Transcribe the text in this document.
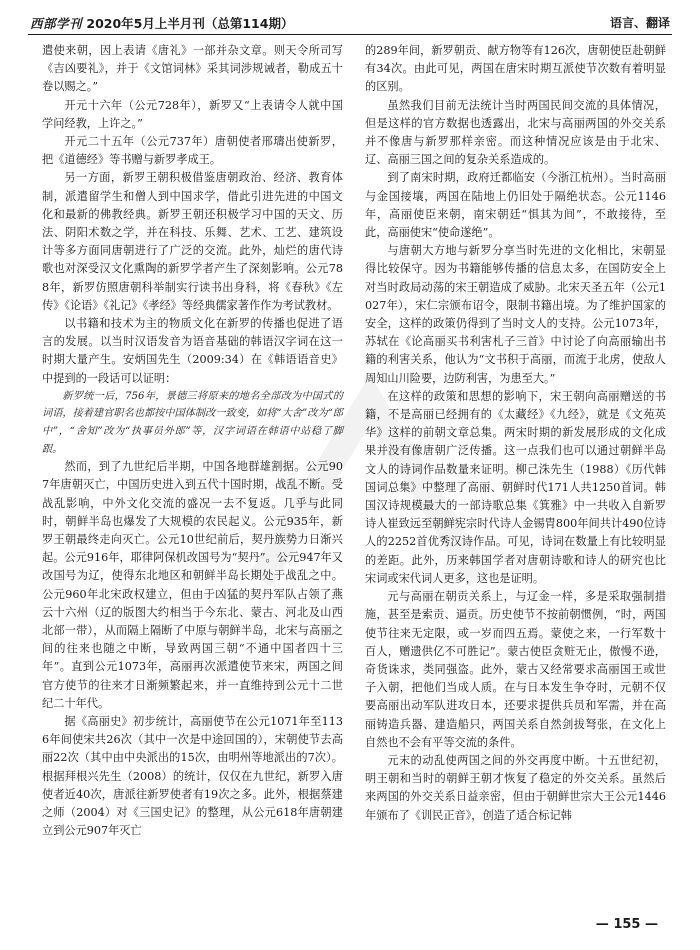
西部学刊 2020年5月上半月刊（总第114期）	语言、翻译

遣使来朝，因上表请《唐礼》一部并杂文章。则天令所司写《吉凶要礼》，并于《文馆词林》采其词涉规诫者，勒成五十卷以赐之。”

开元十六年（公元728年），新罗又“上表请令人就中国学问经教，上许之。”

开元二十五年（公元737年）唐朝使者邢璹出使新罗，把《道德经》等书赠与新罗孝成王。

另一方面，新罗王朝积极借鉴唐朝政治、经济、教育体制，派遣留学生和僧人到中国求学，借此引进先进的中国文化和最新的佛教经典。新罗王朝还积极学习中国的天文、历法、阴阳术数之学，并在科技、乐舞、艺术、工艺、建筑设计等多方面同唐朝进行了广泛的交流。此外，灿烂的唐代诗歌也对深受汉文化熏陶的新罗学者产生了深刻影响。公元788年，新罗仿照唐朝科举制实行读书出身科，将《春秋》《左传》《论语》《礼记》《孝经》等经典儒家著作作为考试教材。

以书籍和技术为主的物质文化在新罗的传播也促进了语言的发展。以当时汉语发音为语音基础的韩语汉字词在这一时期大量产生。安炳国先生（2009:34）在《韩语语音史》中提到的一段话可以证明：

新罗统一后，756年，景德三将原来的地名全部改为中国式的词语，接着建官职名也都按中国体制改一致变，如将“大舍”改为“郎中”，“舍知”改为“执事员外郎”等，汉字词语在韩语中站稳了脚跟。

然而，到了九世纪后半期，中国各地群雄割据。公元907年唐朝灭亡，中国历史进入到五代十国时期，战乱不断。受战乱影响，中外文化交流的盛况一去不复返。几乎与此同时，朝鲜半岛也爆发了大规模的农民起义。公元935年，新罗王朝最终走向灭亡。公元10世纪前后，契丹族势力日渐兴起。公元916年，耶律阿保机改国号为“契丹”。公元947年又改国号为辽，使得东北地区和朝鲜半岛长期处于战乱之中。公元960年北宋政权建立，但由于凶猛的契丹军队占领了燕云十六州（辽的版图大约相当于今东北、蒙古、河北及山西北部一带），从而隔上隔断了中原与朝鲜半岛，北宋与高丽之间的往来也随之中断，导致两国三朝“不通中国者四十三年”。直到公元1073年，高丽再次派遣使节来宋，两国之间官方使节的往来才日渐频繁起来，并一直维持到公元十二世纪二十年代。

据《高丽史》初步统计，高丽使节在公元1071年至1136年间使宋共26次（其中一次是中途回国的），宋朝使节去高丽22次（其中由中央派出的15次，由明州等地派出的7次）。根据拜根兴先生（2008）的统计，仅仅在九世纪，新罗入唐使者近40次，唐派往新罗使者有19次之多。此外，根据蔡建之师（2004）对《三国史记》的整理，从公元618年唐朝建立到公元907年灭亡

的289年间，新罗朝贡、献方物等有126次，唐朝使臣赴朝鲜有34次。由此可见，两国在唐宋时期互派使节次数有着明显的区别。

虽然我们目前无法统计当时两国民间交流的具体情况，但是这样的官方数据也透露出，北宋与高丽两国的外交关系并不像唐与新罗那样亲密。而这种情况应该是由于北宋、辽、高丽三国之间的复杂关系造成的。

到了南宋时期，政府迁都临安（今浙江杭州）。当时高丽与金国接壤，两国在陆地上仍旧处于隔绝状态。公元1146年，高丽使臣来朝，南宋朝廷“惧其为间”，不敢接待，至此，高丽使宋“使命遂绝”。

与唐朝大方地与新罗分享当时先进的文化相比，宋朝显得比较保守。因为书籍能够传播的信息太多，在国防安全上对当时政局动荡的宋王朝造成了威胁。北宋天圣五年（公元1027年），宋仁宗颁布诏令，限制书籍出境。为了维护国家的安全，这样的政策仍得到了当时文人的支持。公元1073年，苏轼在《论高丽买书利害札子三首》中讨论了向高丽输出书籍的利害关系，他认为“文书积于高丽，而流于北虏，使敌人周知山川险要，边防利害，为患至大。”

在这样的政策和思想的影响下，宋王朝向高丽赠送的书籍，不是高丽已经拥有的《太藏经》《九经》，就是《文苑英华》这样的前朝文章总集。两宋时期的新发展形成的文化成果并没有像唐朝广泛传播。这一点我们也可以通过朝鲜半岛文人的诗词作品数量来证明。柳己洙先生（1988）《历代韩国词总集》中整理了高丽、朝鲜时代171人共1250首词。韩国汉诗规模最大的一部诗歌总集《箕雅》中一共收入自新罗诗人崔致远至朝鲜宪宗时代诗人金锡胄800年间共计490位诗人的2252首优秀汉诗作品。可见，诗词在数量上有比较明显的差距。此外，历来韩国学者对唐朝诗歌和诗人的研究也比宋词或宋代词人更多，这也是证明。

元与高丽在朝贡关系上，与辽金一样，多是采取强制措施，甚至是索贡、逼贡。历史使节不按前朝惯例，“时，两国使节往来无定限，或一岁而四五焉。蒙使之来，一行军数十百人，赠遗供亿不可胜记”。蒙古使臣贪赃无止，傲慢不逊，奇货诛求，类同强盗。此外，蒙古又经常要求高丽国王或世子入朝，把他们当成人质。在与日本发生争夺时，元朝不仅要高丽出动军队进攻日本，还要求提供兵员和军需，并在高丽铸造兵器、建造船只，两国关系自然剑拔弩张，在文化上自然也不会有平等交流的条件。

元末的动乱使两国之间的外交再度中断。十五世纪初，明王朝和当时的朝鲜王朝才恢复了稳定的外交关系。虽然后来两国的外交关系日益亲密，但由于朝鲜世宗大王公元1446年颁布了《训民正音》，创造了适合标记韩

— 155 —
